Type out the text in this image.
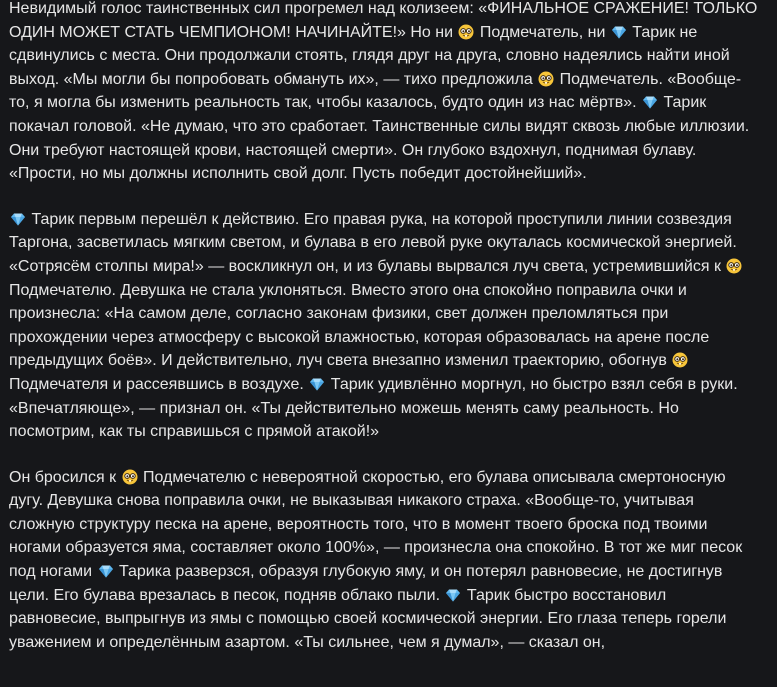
Невидимый голос таинственных сил прогремел над колизеем: «ФИНАЛЬНОЕ СРАЖЕНИЕ! ТОЛЬКО ОДИН МОЖЕТ СТАТЬ ЧЕМПИОНОМ! НАЧИНАЙТЕ!» Но ни
Подмечатель, ни
Тарик не сдвинулись с места. Они продолжали стоять, глядя друг на друга, словно надеялись найти иной выход. «Мы могли бы попробовать обмануть их», — тихо предложила
Подмечатель. «Вообще-то, я могла бы изменить реальность так, чтобы казалось, будто один из нас мёртв».
Тарик покачал головой. «Не думаю, что это сработает. Таинственные силы видят сквозь любые иллюзии. Они требуют настоящей крови, настоящей смерти». Он глубоко вздохнул, поднимая булаву. «Прости, но мы должны исполнить свой долг. Пусть победит достойнейший».

Тарик первым перешёл к действию. Его правая рука, на которой проступили линии созвездия Таргона, засветилась мягким светом, и булава в его левой руке окуталась космической энергией. «Сотрясём столпы мира!» — воскликнул он, и из булавы вырвался луч света, устремившийся к
Подмечателю. Девушка не стала уклоняться. Вместо этого она спокойно поправила очки и произнесла: «На самом деле, согласно законам физики, свет должен преломляться при прохождении через атмосферу с высокой влажностью, которая образовалась на арене после предыдущих боёв». И действительно, луч света внезапно изменил траекторию, обогнув
Подмечателя и рассеявшись в воздухе.
Тарик удивлённо моргнул, но быстро взял себя в руки. «Впечатляюще», — признал он. «Ты действительно можешь менять саму реальность. Но посмотрим, как ты справишься с прямой атакой!»

Он бросился к
Подмечателю с невероятной скоростью, его булава описывала смертоносную дугу. Девушка снова поправила очки, не выказывая никакого страха. «Вообще-то, учитывая сложную структуру песка на арене, вероятность того, что в момент твоего броска под твоими ногами образуется яма, составляет около 100%», — произнесла она спокойно. В тот же миг песок под ногами
Тарика разверзся, образуя глубокую яму, и он потерял равновесие, не достигнув цели. Его булава врезалась в песок, подняв облако пыли.
Тарик быстро восстановил равновесие, выпрыгнув из ямы с помощью своей космической энергии. Его глаза теперь горели уважением и определённым азартом. «Ты сильнее, чем я думал», — сказал он,
